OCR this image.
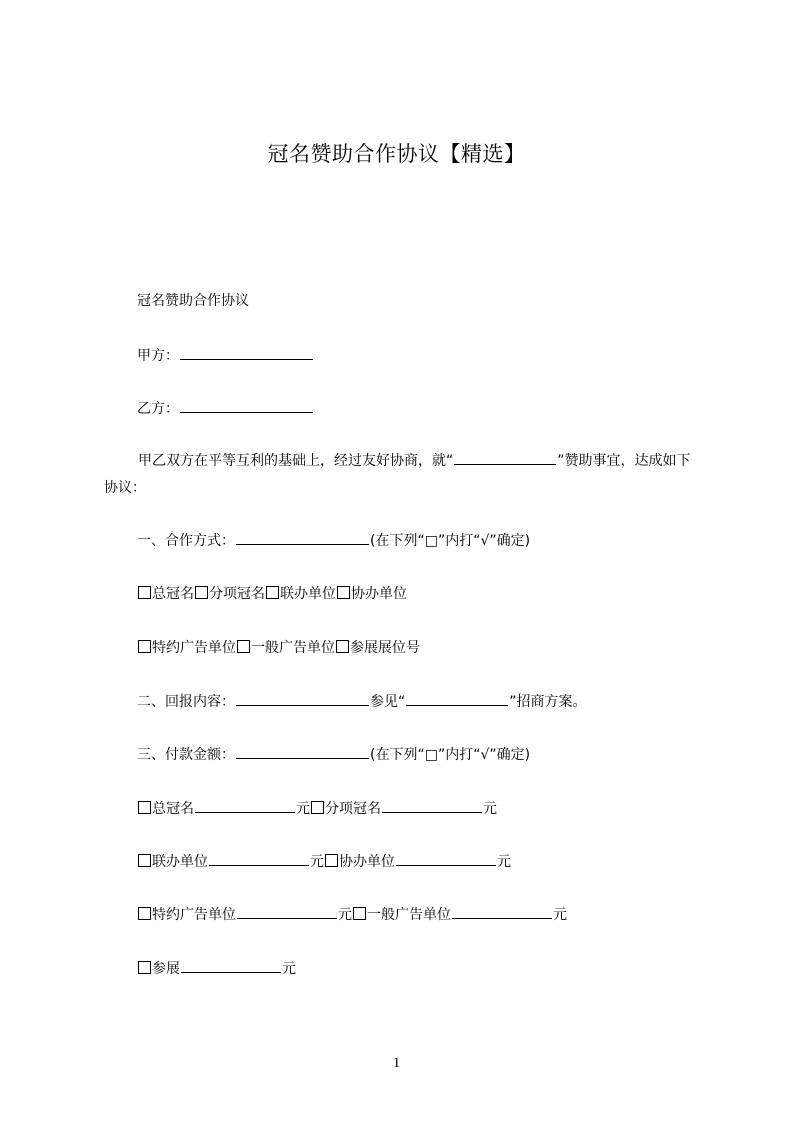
冠名赞助合作协议【精选】
冠名赞助合作协议
甲方：
乙方：
甲乙双方在平等互利的基础上，经过友好协商，就“	”赞助事宜，达成如下协议：
一、合作方式：	(在下列“□”内打“√”确定)
总冠名 分项冠名 联办单位 协办单位
特约广告单位 一般广告单位 参展展位号
二、回报内容：	参见“	”招商方案。
三、付款金额：	(在下列“□”内打“√”确定)
总冠名	元 分项冠名	元
联办单位	元 协办单位	元
特约广告单位	元 一般广告单位	元
参展	元
1
